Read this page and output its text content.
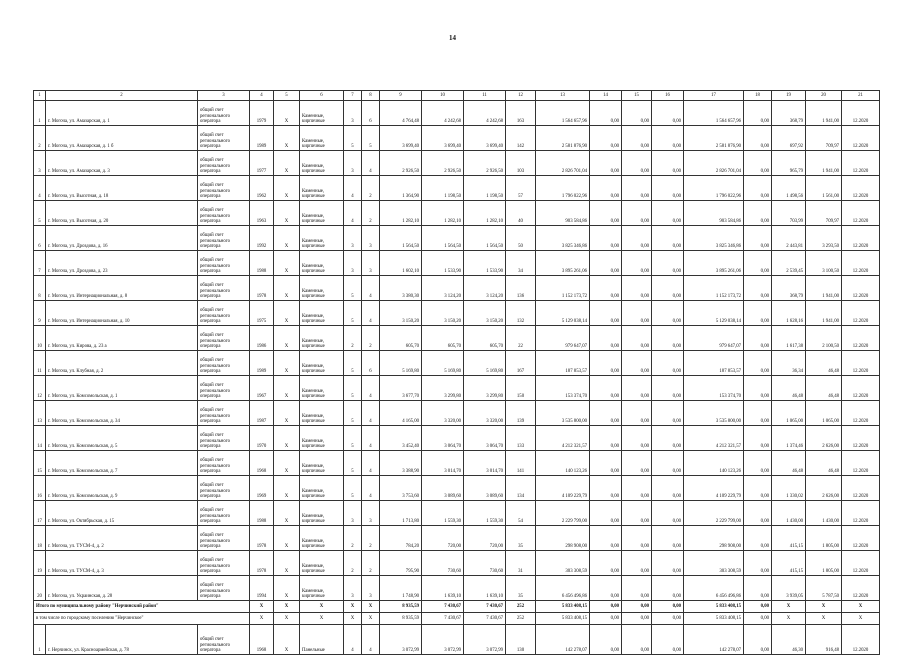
14
1	2	3	4	5	6	7	8	9	10	11	12	13	14	15	16	17	18	19	20	21
1	г. Могоча, ул. Амазарская, д. 1	общий счет регионального оператора	1979	Х	Каменные, кирпичные	3	6	4 764,48	4 242,68	4 242,68	163	1 564 657,96	0,00	0,00	0,00	1 564 657,96	0,00	368,79	1 941,00	12.2020
2	г. Могоча, ул. Амазарская, д. 1 б	общий счет регионального оператора	1989	Х	Каменные, кирпичные	5	5	3 699,40	3 699,40	3 699,40	142	2 581 876,90	0,00	0,00	0,00	2 581 876,90	0,00	697,92	709,97	12.2020
3	г. Могоча, ул. Амазарская, д. 3	общий счет регионального оператора	1977	Х	Каменные, кирпичные	3	4	2 926,50	2 926,50	2 926,50	103	2 826 701,04	0,00	0,00	0,00	2 826 701,04	0,00	965,79	1 941,00	12.2020
4	г. Могоча, ул. Высотная, д. 18	общий счет регионального оператора	1962	Х	Каменные, кирпичные	4	2	1 364,90	1 198,50	1 198,50	57	1 796 022,96	0,00	0,00	0,00	1 796 022,96	0,00	1 498,56	1 561,00	12.2020
5	г. Могоча, ул. Высотная, д. 20	общий счет регионального оператора	1963	Х	Каменные, кирпичные	4	2	1 282,10	1 282,10	1 282,10	40	903 584,86	0,00	0,00	0,00	903 584,86	0,00	703,99	709,97	12.2020
6	г. Могоча, ул. Дроздова, д. 16	общий счет регионального оператора	1992	Х	Каменные, кирпичные	3	3	1 564,50	1 564,50	1 564,50	50	3 825 346,86	0,00	0,00	0,00	3 825 346,86	0,00	2 443,81	3 293,50	12.2020
7	г. Могоча, ул. Дроздова, д. 23	общий счет регионального оператора	1988	Х	Каменные, кирпичные	3	3	1 602,10	1 533,90	1 533,90	34	3 895 261,06	0,00	0,00	0,00	3 895 261,06	0,00	2 539,45	3 100,50	12.2020
8	г. Могоча, ул. Интернациональная, д. 8	общий счет регионального оператора	1978	Х	Каменные, кирпичные	5	4	3 380,30	3 124,20	3 124,20	136	1 152 173,72	0,00	0,00	0,00	1 152 173,72	0,00	368,79	1 941,00	12.2020
9	г. Могоча, ул. Интернациональная, д. 10	общий счет регионального оператора	1975	Х	Каменные, кирпичные	5	4	3 150,20	3 150,20	3 150,20	132	5 129 038,14	0,00	0,00	0,00	5 129 038,14	0,00	1 628,16	1 941,00	12.2020
10	г. Могоча, ул. Кирова, д. 23 а	общий счет регионального оператора	1986	Х	Каменные, кирпичные	2	2	605,70	605,70	605,70	22	979 647,07	0,00	0,00	0,00	979 647,07	0,00	1 617,38	2 100,50	12.2020
11	г. Могоча, ул. Клубная, д. 2	общий счет регионального оператора	1989	Х	Каменные, кирпичные	5	6	5 169,80	5 169,80	5 169,80	167	187 853,57	0,00	0,00	0,00	187 853,57	0,00	36,34	46,48	12.2020
12	г. Могоча, ул. Комсомольская, д. 1	общий счет регионального оператора	1967	Х	Каменные, кирпичные	5	4	3 677,70	3 299,80	3 299,80	150	153 374,70	0,00	0,00	0,00	153 374,70	0,00	46,48	46,48	12.2020
13	г. Могоча, ул. Комсомольская, д. 34	общий счет регионального оператора	1987	Х	Каменные, кирпичные	5	4	4 165,00	3 320,00	3 320,00	139	3 535 800,00	0,00	0,00	0,00	3 535 800,00	0,00	1 065,00	1 065,00	12.2020
14	г. Могоча, ул. Комсомольская, д. 5	общий счет регионального оператора	1970	Х	Каменные, кирпичные	5	4	3 452,40	3 064,70	3 064,70	133	4 212 321,57	0,00	0,00	0,00	4 212 321,57	0,00	1 374,46	2 626,00	12.2020
15	г. Могоча, ул. Комсомольская, д. 7	общий счет регионального оператора	1968	Х	Каменные, кирпичные	5	4	3 388,90	3 014,70	3 014,70	141	140 123,26	0,00	0,00	0,00	140 123,26	0,00	46,48	46,48	12.2020
16	г. Могоча, ул. Комсомольская, д. 9	общий счет регионального оператора	1969	Х	Каменные, кирпичные	5	4	3 753,60	3 089,60	3 089,60	134	4 109 229,79	0,00	0,00	0,00	4 109 229,79	0,00	1 330,02	2 626,00	12.2020
17	г. Могоча, ул. Октябрьская, д. 15	общий счет регионального оператора	1988	Х	Каменные, кирпичные	3	3	1 713,80	1 559,30	1 559,30	54	2 229 799,00	0,00	0,00	0,00	2 229 799,00	0,00	1 430,00	1 430,00	12.2020
18	г. Могоча, ул. ТУСМ-4, д. 2	общий счет регионального оператора	1978	Х	Каменные, кирпичные	2	2	784,20	720,00	720,00	35	298 908,00	0,00	0,00	0,00	298 908,00	0,00	415,15	1 805,00	12.2020
19	г. Могоча, ул. ТУСМ-4, д. 3	общий счет регионального оператора	1978	Х	Каменные, кирпичные	2	2	795,90	730,60	730,60	31	303 308,59	0,00	0,00	0,00	303 308,59	0,00	415,15	1 805,00	12.2020
20	г. Могоча, ул. Украинская, д. 28	общий счет регионального оператора	1994	Х	Каменные, кирпичные	3	3	1 748,90	1 639,10	1 639,10	35	6 456 496,86	0,00	0,00	0,00	6 456 496,86	0,00	3 939,05	5 787,50	12.2020
Итого по муниципальному району "Нерчинский район"			Х	Х	Х	Х	Х	8 935,59	7 430,67	7 430,67	252	5 833 408,15	0,00	0,00	0,00	5 833 408,15	0,00	Х	Х	Х
в том числе по городскому поселению "Нерчинское"			Х	Х	Х	Х	Х	8 935,59	7 430,67	7 430,67	252	5 833 408,15	0,00	0,00	0,00	5 833 408,15	0,00	Х	Х	Х
1	г. Нерчинск, ул. Красноармейская, д. 78	общий счет регионального оператора	1968	Х	Панельные	4	4	3 072,99	3 072,99	3 072,99	130	142 278,07	0,00	0,00	0,00	142 278,07	0,00	46,30	916,48	12.2020
